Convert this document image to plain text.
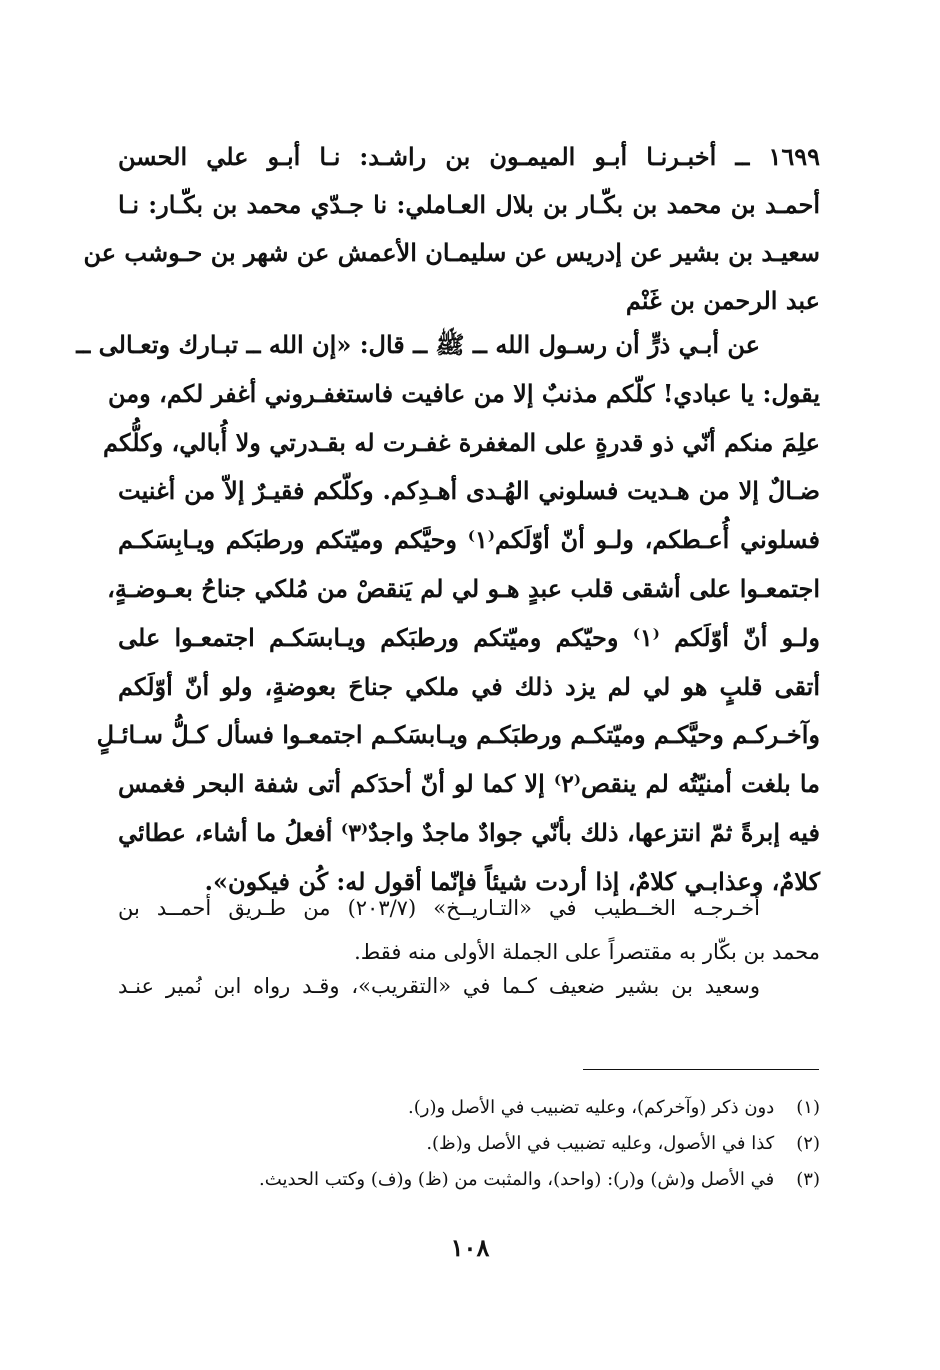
١٦٩٩ ــ أخبـرنـا أبـو الميمـون بن راشـد: نـا أبـو علي الحسن
أحمـد بن محمد بن بكّـار بن بلال العـاملي: نا جـدّي محمد بن بكّـار: نـا
سعيـد بن بشير عن إدريس عن سليمـان الأعمش عن شهر بن حـوشب عن
عبد الرحمن بن غَنْم
عن أبـي ذرٍّ أن رسـول الله ــ ﷺ ــ قال: «إن الله ــ تبـارك وتعـالى ــ
يقول: يا عبادي! كلّكم مذنبٌ إلا من عافيت فاستغفـروني أغفر لكم، ومن
علِمَ منكم أنّي ذو قدرةٍ على المغفرة غفـرت له بقـدرتي ولا أُبالي، وكلُّكم
ضـالٌ إلا من هـديت فسلوني الهُـدى أهـدِكم. وكلّكم فقيـرٌ إلاّ من أغنيت
فسلوني أُعـطكم، ولـو أنّ أوّلَكم⁽١⁾ وحيَّكم وميّتكم ورطبَكم ويـابِسَكـم
اجتمعـوا على أشقى قلب عبدٍ هـو لي لم يَنقصْ من مُلكي جناحُ بعـوضـةٍ،
ولـو أنّ أوّلَكم ⁽١⁾ وحيّكم وميّتكم ورطبَكم ويـابسَكـم اجتمعـوا على
أتقى قلبٍ هو لي لم يزد ذلك في ملكي جناحَ بعوضةٍ، ولو أنّ أوّلَكم
وآخـركـم وحيَّكـم وميّتكـم ورطبَكـم ويـابسَكـم اجتمعـوا فسأل كـلُّ سـائـلٍ
ما بلغت أمنيّتُه لم ينقص⁽٢⁾ إلا كما لو أنّ أحدَكم أتى شفة البحر فغمس
فيه إبرةً ثمّ انتزعها، ذلك بأنّي جوادٌ ماجدٌ واجدٌ⁽٣⁾ أفعلُ ما أشاء، عطائي
كلامٌ، وعذابـي كلامٌ، إذا أردت شيئاً فإنّما أقول له: كُن فيكون».
أخـرجـه الخــطيب في «التـاريــخ» (٢٠٣/٧) من طـريق أحمــد بن
محمد بن بكّار به مقتصراً على الجملة الأولى منه فقط.
وسعيد بن بشير ضعيف كـما في «التقريب»، وقـد رواه ابن نُمير عنـد
(١) دون ذكر (وآخركم)، وعليه تضبيب في الأصل و(ر).
(٢) كذا في الأصول، وعليه تضبيب في الأصل و(ظ).
(٣) في الأصل و(ش) و(ر): (واحد)، والمثبت من (ظ) و(ف) وكتب الحديث.
١٠٨
